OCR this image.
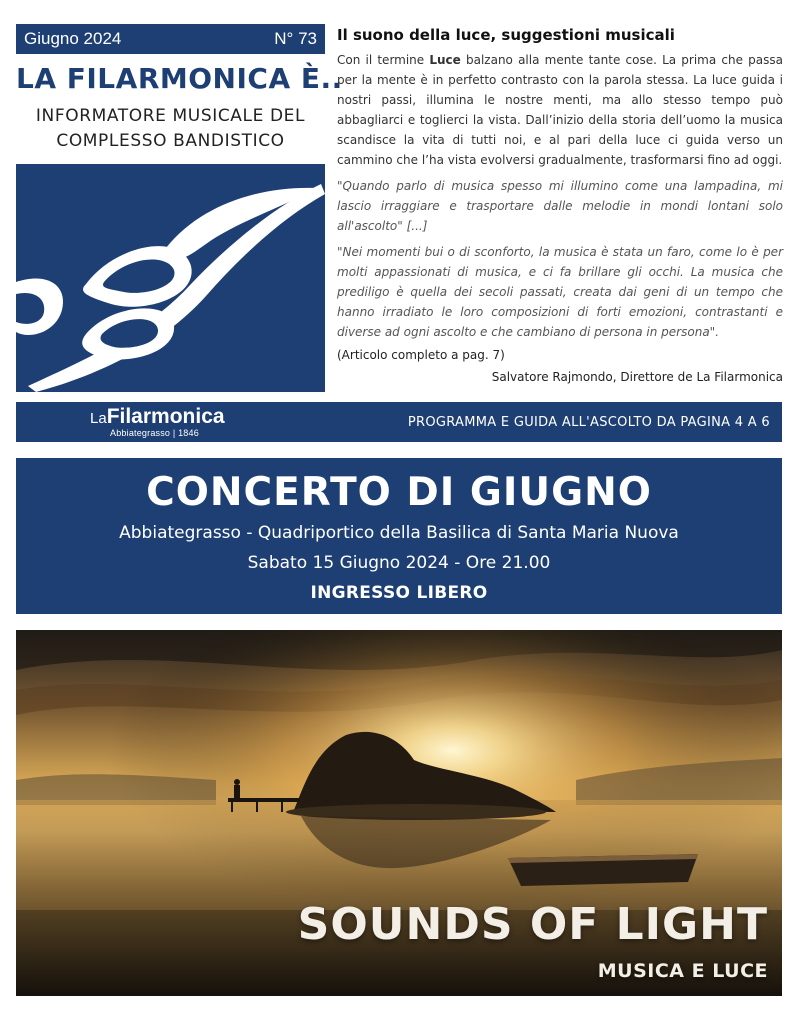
Giugno 2024	N° 73
LA FILARMONICA È..
INFORMATORE MUSICALE DEL
COMPLESSO BANDISTICO
Il suono della luce, suggestioni musicali

Con il termine Luce balzano alla mente tante cose. La prima che passa per la mente è in perfetto contrasto con la parola stessa. La luce guida i nostri passi, illumina le nostre menti, ma allo stesso tempo può abbagliarci e toglierci la vista. Dall’inizio della storia dell’uomo la musica scandisce la vita di tutti noi, e al pari della luce ci guida verso un cammino che l’ha vista evolversi gradualmente, trasformarsi fino ad oggi.

"Quando parlo di musica spesso mi illumino come una lampadina, mi lascio irraggiare e trasportare dalle melodie in mondi lontani solo all'ascolto" [...]

"Nei momenti bui o di sconforto, la musica è stata un faro, come lo è per molti appassionati di musica, e ci fa brillare gli occhi. La musica che prediligo è quella dei secoli passati, creata dai geni di un tempo che hanno irradiato le loro composizioni di forti emozioni, contrastanti e diverse ad ogni ascolto e che cambiano di persona in persona".

(Articolo completo a pag. 7)
Salvatore Rajmondo, Direttore de La Filarmonica
LaFilarmonica
Abbiategrasso | 1846
PROGRAMMA E GUIDA ALL'ASCOLTO DA PAGINA 4 A 6
CONCERTO DI GIUGNO
Abbiategrasso - Quadriportico della Basilica di Santa Maria Nuova
Sabato 15 Giugno 2024 - Ore 21.00
INGRESSO LIBERO
SOUNDS OF LIGHT
MUSICA E LUCE
